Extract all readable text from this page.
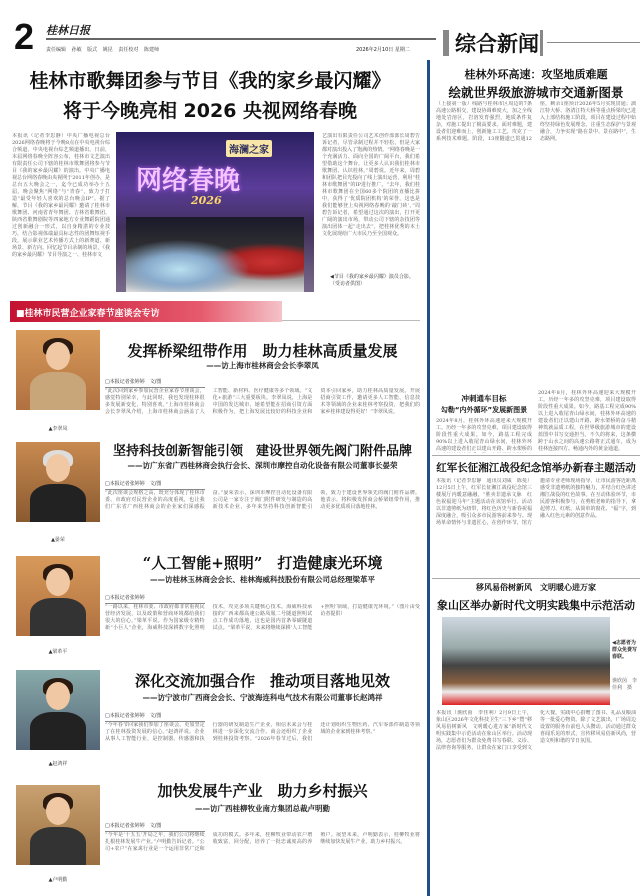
2 桂林日报
责任编辑 孙敏 版式 姚昆 责任校对 陈建师	2026年2月10日 星期二 综合新闻
桂林市歌舞团参与节目《我的家乡最闪耀》
将于今晚亮相 2026 央视网络春晚
本报讯（记者李思静）中央广播电视总台2026网络春晚将于今晚8点在中央电视台综合频道、中央电视台综艺频道播出。日前，本届网络春晚全阵容公布，桂林市文艺演出有限责任公司下辖的桂林市歌舞团将参与节目《我的家乡最闪耀》的演出。中央广播电视总台网络春晚由央视网于2011年创办，是总台五大晚会之一，迄今已成功举办十五届，晚会聚焦“网络”与“青春”，致力于打造“最受年轻人喜欢的总台晚会IP”。据了解，节目《我的家乡最闪耀》邀请了桂林市歌舞团、河南省青年舞团、吉林省歌舞团、陕西省歌舞剧院等四家地方专业舞蹈院团通过创新融合一形式，以自身精湛的专业技巧，结合影视体端最具标志性的团舞短视手段，展示职业艺术传播方式上的新赛道、新场景、新方向。回忆起节目录制的场景，《我的家乡最闪耀》节目导演之一、桂林市文
海澜之家
网络春晚
2026
艺演出有限责任公司艺术创作部部长周碧告诉记者，尽管录制过程并不轻松，但是大家都对演出投入了饱满的热情。“网络春晚是一个充满活力、面向全国的广阔平台，我们希望借助这个舞台，让更多人认识我们桂林市歌舞团、认识桂林。”周碧说。近年来，周碧和团队把目光投向了线上演出运营，利用“桂林市歌舞团”的IP进行推广。“去年，我们桂林市歌舞团在全国60多个院团的直播比拼中，获得了‘优质院团机构’的荣誉，这也是我们能够登上央视网络春晚的‘敲门砖’。”周碧告诉记者，希望通过这次的演出，打开更广阔的演出市场，带动公司下辖的杂技团等演出团体一起“走出去”，把桂林优秀的本土文化展现给广大市民乃至全国观众。
◀节目《我的家乡最闪耀》演员合影。（受访者供图）
■桂林市民营企业家春节座谈会专访
▲李翠凤
发挥桥梁纽带作用　助力桂林高质量发展
——访上海市桂林商会会长李翠凤
□本报记者张婷婷　文/图
“此次回到家乡参加民营企业家春节座谈会，感觉特别荣幸，与此同时，我也发现桂林很多发展新变化，特别喜欢。”上海市桂林商会会长李翠凤介绍，上海市桂林商会涵盖了人工智能、新材料、医疗健康等多个领域。“文化+旅游”三大重要板块。李翠凤说，上海是中国的发达城市，她希望能在招商引资方面积极作为，把上海发展比较好的科技企业和资本引回家乡，助力桂林高质量发展。开展招商引资工作，邀请更多人工智能、信息技术等领域的企业来桂林考察投资，把我们的家乡桂林建设得更好！”李翠凤说。
▲晏荣
坚持科技创新智能引领　建设世界领先阀门附件品牌
——访广东省广西桂林商会执行会长、深圳市摩控自动化设备有限公司董事长晏荣
□本报记者张婷婷　文/图
“此次座谈会规格之高，既充分体现了桂林市委、市政府对民营企业的高度重视，也让我们广东省广西桂林商会的企业家们深感振奋。”晏荣表示，深圳市摩控自动化设备有限公司是一家专注于阀门附件研发与制造的高新技术企业，多年来坚持科技创新智能引领，致力于建设世界领先的阀门附件品牌。他表示，将积极发挥商会桥梁纽带作用，推动更多优质项目落地桂林。
▲梁革平
“人工智能+照明”　打造健康光环境
——访桂林玉林商会会长、桂林海威科技股份有限公司总经理梁革平
□本报记者张婷婷
“一路以来，桂林市委、市政府都非常重视民营经济发展，以及政策和营商环境都给我们很大的信心。”梁革平说。作为国家级专精特新“小巨人”企业，海威科技深耕数字化照明技术，攻克多项关键核心技术。海威科技承接的广西来都高速公路凤凰二号隧道照明试点工作成功落地，这也是国内首条零碳隧道试点。“梁革平说，未来将继续深耕‘人工智能+照明’领域，打造健康光环境。”（图片由受访者提供）
▲赵鸿祥
深化交流加强合作　推动项目落地见效
——访宁波市广西商会会长、宁波海连科电气技术有限公司董事长赵鸿祥
□本报记者张婷婷　文/图
“今年春节回家我们参加了座谈会，更加坚定了在桂林投资发展的信心。”赵鸿祥说。企业从事人工智能行业，是控制器、传感器和执行器的研发制造生产企业，相信未来会与桂林进一步深化交流合作。商会还组织了企业到桂林投资考察。“2026年春节过后，我们还计划组织生物医药、汽车零部件制造等领域的企业家到桂林考察。”
▲卢明勤
加快发展牛产业　助力乡村振兴
——访广西桂柳牧业南方集团总裁卢明勤
□本报记者张婷婷　文/图
“今年是‘十五五’开局之年，我们公司将继续扎根桂林发展牛产业。”卢明勤告诉记者。“公司+农户”在家禽行业是一个运用非常广泛和成功的模式。多年来，桂柳牧业带动农户增收致富，回分配，培养了一批忠诚度高的养殖户。展望未来，卢明勤表示，桂柳牧业将继续加快发展牛产业，助力乡村振兴。
桂林外环高速：攻坚地质难题
绘就世界级旅游城市交通新图景
（上接第一版）线路与桂林市区周边的7条高速公路相交，建设协调难度大，加之全线地处岩溶区，岩溶发育强烈，地质条件复杂，对施工提出了极高要求。面对难题，建设者们迎难而上，创新施工工艺，攻克了一系列技术难题。阶段，13座隧道已贯通12座，剩余1座预计2026年5月实现贯通；漓江特大桥、洛清江特大桥等重点桥梁均已进入上部结构施工阶段。项目在建设过程中始终坚持绿色发展理念，注重生态保护与景观融合，力争实现“路在景中、景在路中”，生态路网。
冲刺通车目标
勾勒“内外循环”发展新图景
2024年8月，桂林外环高速迎来大规模开工。历经一年多的攻坚克难，项目建设取得阶段性重大成果。如今，路基工程完成90%以上进入收尾青山绿水间，桂林外环高速的建设者们正以建山开路、跨水架桥的
2024年8月，桂林外环高速迎来大规模开工。历经一年多的攻坚克难，项目建设取得阶段性重大成果。如今，路基工程完成90%以上进入收尾青山绿水间，桂林外环高速的建设者们正以建山开路、跨水架桥的奋斗精神筑就品质工程，在世界级旅游城市的建设蓝图中书写交通担当。不久的将来，这条横跨于山水之间的高速公路将正式通车，成为桂林连接四方、畅通内外的黄金通道。
红军长征湘江战役纪念馆举办新春主题活动
本报讯（记者李思静　通讯员刘咸　陈曼）12月5日上午，红军长征湘江战役纪念馆三楼展厅内暖意融融，“胜卖非遗承文脉　红色祝福迎马年”主题活动在该馆举行。活动以非遗剪纸为纽带，将红色历史与新春祝福深度融合，吸引众多市民游客前来参与。现场革命情怀与非遗匠心，在创作环节，馆方邀请专业老师现场指导，让市民游客近距离感受非遗剪纸的独特魅力，并结合红色讲述湘江战役的红色故事。在互动体验环节，市民游客积极参与，在剪纸老师的指导下，拿起剪刀、红纸，从简单的窗花、“福”字，到融入红色元素的创意作品。
移风易俗树新风　文明暖心进万家
象山区举办新时代文明实践集中示范活动
◀志愿者为群众免费写春联。
谯欣茵　李佳利　摄
本报讯（谯欣茵　李佳利）2月9日上午，象山区2026年文化科技卫生“三下乡”暨“移风易俗树新风　文明暖心进万家”新时代文明实践集中示范活动在象山区举行。活动现场，志愿者们为群众免费书写春联、义诊、法律咨询等服务，让群众在家门口享受到文化大餐。实践中心捐赠了图书、礼品及粮油等一批爱心物资。除了文艺演出，广场周边设置的服务台前也人头攒动。活动通过群众喜闻乐见的形式，宣传移风易俗新风尚，营造文明和谐的节日氛围。
